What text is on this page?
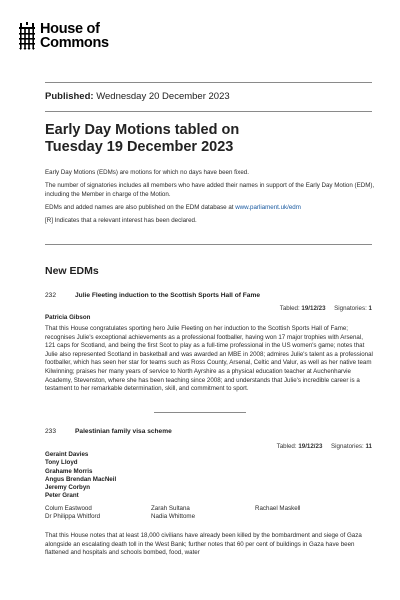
House of
Commons
Published: Wednesday 20 December 2023
Early Day Motions tabled on
Tuesday 19 December 2023

Early Day Motions (EDMs) are motions for which no days have been fixed.

The number of signatories includes all members who have added their names in support of the Early Day Motion (EDM), including the Member in charge of the Motion.

EDMs and added names are also published on the EDM database at www.parliament.uk/edm

[R] Indicates that a relevant interest has been declared.

New EDMs
232	Julie Fleeting induction to the Scottish Sports Hall of Fame
Tabled: 19/12/23 Signatories: 1
Patricia Gibson
That this House congratulates sporting hero Julie Fleeting on her induction to the Scottish Sports Hall of Fame; recognises Julie's exceptional achievements as a professional footballer, having won 17 major trophies with Arsenal, 121 caps for Scotland, and being the first Scot to play as a full-time professional in the US women's game; notes that Julie also represented Scotland in basketball and was awarded an MBE in 2008; admires Julie's talent as a professional footballer, which has seen her star for teams such as Ross County, Arsenal, Celtic and Valur, as well as her native team Kilwinning; praises her many years of service to North Ayrshire as a physical education teacher at Auchenharvie Academy, Stevenston, where she has been teaching since 2008; and understands that Julie's incredible career is a testament to her remarkable determination, skill, and commitment to sport.
233	Palestinian family visa scheme
Tabled: 19/12/23 Signatories: 11
Geraint Davies
Tony Lloyd
Grahame Morris
Angus Brendan MacNeil
Jeremy Corbyn
Peter Grant
Colum Eastwood	Zarah Sultana	Rachael Maskell
Dr Philippa Whitford	Nadia Whittome
That this House notes that at least 18,000 civilians have already been killed by the bombardment and siege of Gaza alongside an escalating death toll in the West Bank; further notes that 60 per cent of buildings in Gaza have been flattened and hospitals and schools bombed, food, water
